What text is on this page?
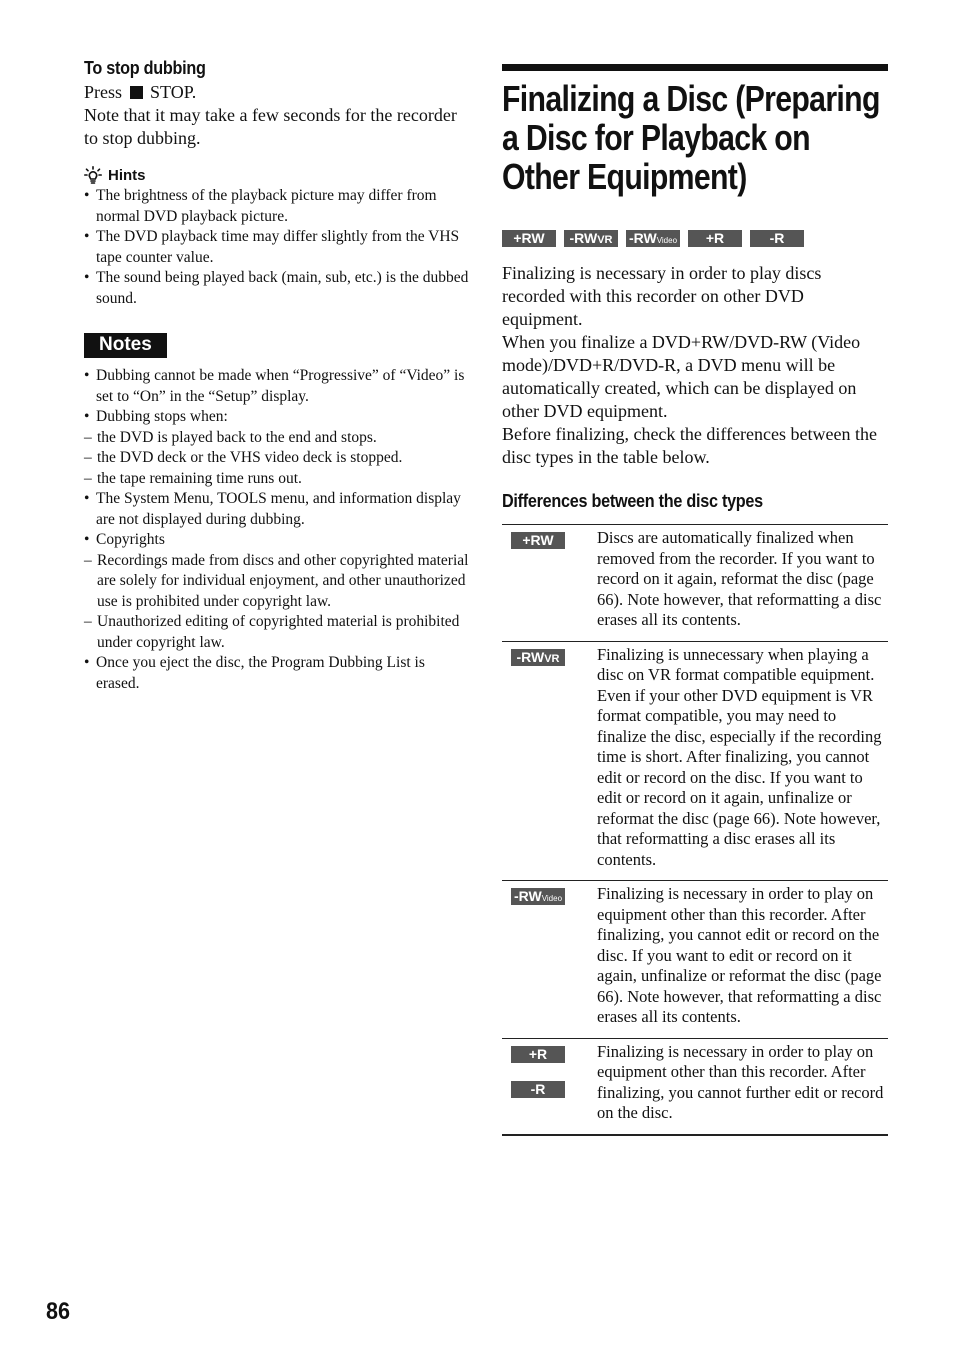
To stop dubbing
Press STOP.
Note that it may take a few seconds for the recorder to stop dubbing.
Hints
• The brightness of the playback picture may differ from normal DVD playback picture.
• The DVD playback time may differ slightly from the VHS tape counter value.
• The sound being played back (main, sub, etc.) is the dubbed sound.
Notes
• Dubbing cannot be made when “Progressive” of “Video” is set to “On” in the “Setup” display.
• Dubbing stops when:
– the DVD is played back to the end and stops.
– the DVD deck or the VHS video deck is stopped.
– the tape remaining time runs out.
• The System Menu, TOOLS menu, and information display are not displayed during dubbing.
• Copyrights
– Recordings made from discs and other copyrighted material are solely for individual enjoyment, and other unauthorized use is prohibited under copyright law.
– Unauthorized editing of copyrighted material is prohibited under copyright law.
• Once you eject the disc, the Program Dubbing List is erased.
Finalizing a Disc (Preparing a Disc for Playback on Other Equipment)
+RW -RW VR -RW Video +R	-R
Finalizing is necessary in order to play discs recorded with this recorder on other DVD equipment.
When you finalize a DVD+RW/DVD-RW (Video mode)/DVD+R/DVD-R, a DVD menu will be automatically created, which can be displayed on other DVD equipment.
Before finalizing, check the differences between the disc types in the table below.
Differences between the disc types
+RW	Discs are automatically finalized when removed from the recorder. If you want to record on it again, reformat the disc (page 66). Note however, that reformatting a disc erases all its contents.

-RW VR	Finalizing is unnecessary when playing a disc on VR format compatible equipment. Even if your other DVD equipment is VR format compatible, you may need to finalize the disc, especially if the recording time is short. After finalizing, you cannot edit or record on the disc. If you want to edit or record on it again, unfinalize or reformat the disc (page 66). Note however, that reformatting a disc erases all its contents.

-RW Video	Finalizing is necessary in order to play on equipment other than this recorder. After finalizing, you cannot edit or record on the disc. If you want to edit or record on it again, unfinalize or reformat the disc (page 66). Note however, that reformatting a disc erases all its contents.

+R
-R	Finalizing is necessary in order to play on equipment other than this recorder. After finalizing, you cannot further edit or record on the disc.
86
